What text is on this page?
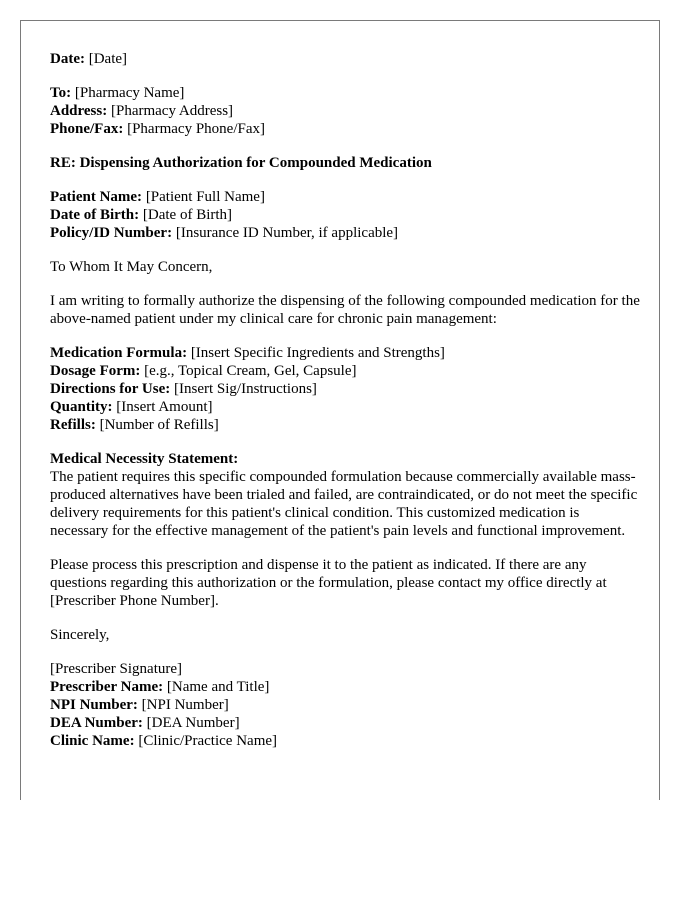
Date: [Date]
To: [Pharmacy Name]
Address: [Pharmacy Address]
Phone/Fax: [Pharmacy Phone/Fax]
RE: Dispensing Authorization for Compounded Medication
Patient Name: [Patient Full Name]
Date of Birth: [Date of Birth]
Policy/ID Number: [Insurance ID Number, if applicable]
To Whom It May Concern,

I am writing to formally authorize the dispensing of the following compounded medication for the above-named patient under my clinical care for chronic pain management:

Medication Formula: [Insert Specific Ingredients and Strengths]
Dosage Form: [e.g., Topical Cream, Gel, Capsule]
Directions for Use: [Insert Sig/Instructions]
Quantity: [Insert Amount]
Refills: [Number of Refills]
Medical Necessity Statement:
The patient requires this specific compounded formulation because commercially available mass-produced alternatives have been trialed and failed, are contraindicated, or do not meet the specific delivery requirements for this patient's clinical condition. This customized medication is necessary for the effective management of the patient's pain levels and functional improvement.

Please process this prescription and dispense it to the patient as indicated. If there are any questions regarding this authorization or the formulation, please contact my office directly at [Prescriber Phone Number].

Sincerely,
[Prescriber Signature]
Prescriber Name: [Name and Title]
NPI Number: [NPI Number]
DEA Number: [DEA Number]
Clinic Name: [Clinic/Practice Name]
